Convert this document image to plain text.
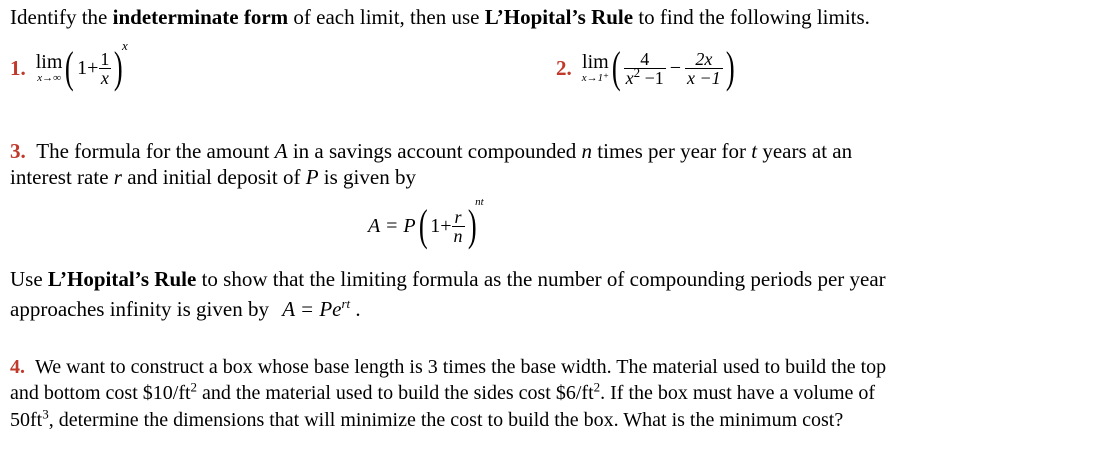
Identify the indeterminate form of each limit, then use L’Hopital’s Rule to find the following limits.
1. lim
x→∞ ( $1+ \frac{1}{x}$ )
x
2. lim
x→1⁺ ( $\frac{4}{x^2 -1} - \frac{2x}{x -1}$ )
3. The formula for the amount A in a savings account compounded n times per year for t years at an
interest rate r and initial deposit of P is given by
A = P ( $1+ \frac{r}{n}$ )
nt
Use L’Hopital’s Rule to show that the limiting formula as the number of compounding periods per year
approaches infinity is given by $A = Pe^{rt}$ .
4. We want to construct a box whose base length is 3 times the base width. The material used to build the top
and bottom cost $\$10/ft^2$ and the material used to build the sides cost $\$6/ft^2$. If the box must have a volume of
$50ft^3$, determine the dimensions that will minimize the cost to build the box. What is the minimum cost?
